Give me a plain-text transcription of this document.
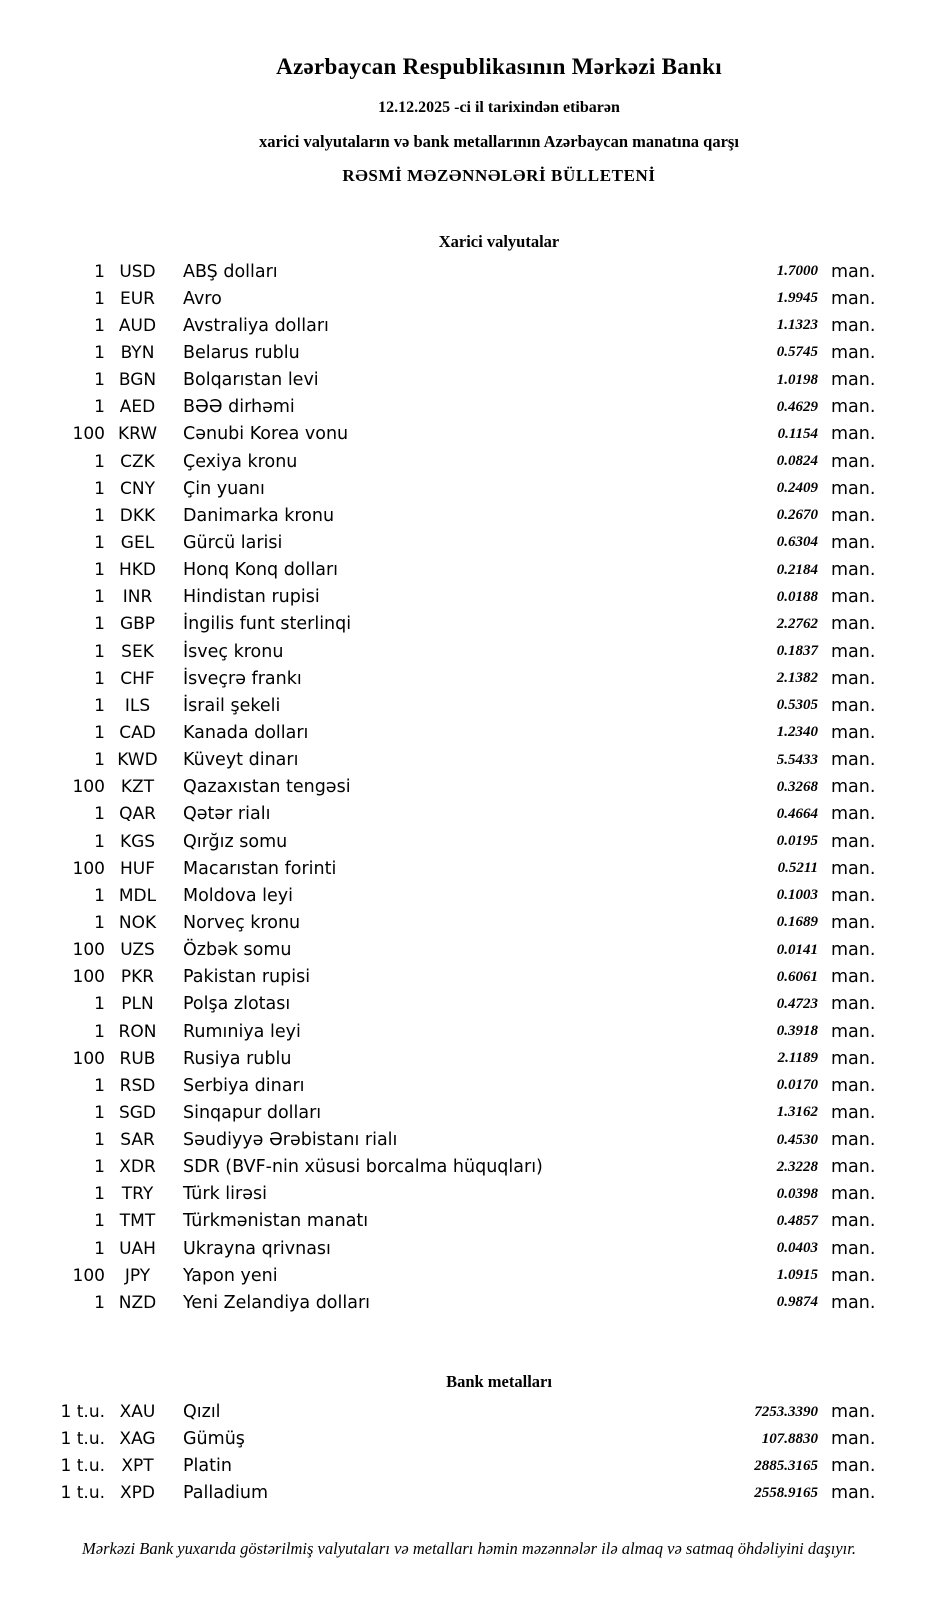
Azərbaycan Respublikasının Mərkəzi Bankı
12.12.2025 -ci il tarixindən etibarən
xarici valyutaların və bank metallarının Azərbaycan manatına qarşı
RƏSMİ MƏZƏNNƏLƏRİ BÜLLETENİ
Xarici valyutalar
1 USD	ABŞ dolları	1.7000 man.
1 EUR	Avro	1.9945 man.
1 AUD	Avstraliya dolları	1.1323 man.
1 BYN	Belarus rublu	0.5745 man.
1 BGN	Bolqarıstan levi	1.0198 man.
1 AED	BƏƏ dirhəmi	0.4629 man.
100 KRW	Cənubi Korea vonu	0.1154 man.
1 CZK	Çexiya kronu	0.0824 man.
1 CNY	Çin yuanı	0.2409 man.
1 DKK	Danimarka kronu	0.2670 man.
1 GEL	Gürcü larisi	0.6304 man.
1 HKD	Honq Konq dolları	0.2184 man.
1	INR	Hindistan rupisi	0.0188 man.
1 GBP	İngilis funt sterlinqi	2.2762 man.
1 SEK	İsveç kronu	0.1837 man.
1 CHF	İsveçrə frankı	2.1382 man.
1	ILS	İsrail şekeli	0.5305 man.
1 CAD	Kanada dolları	1.2340 man.
1 KWD	Küveyt dinarı	5.5433 man.
100 KZT	Qazaxıstan tengəsi	0.3268 man.
1 QAR	Qətər rialı	0.4664 man.
1 KGS	Qırğız somu	0.0195 man.
100 HUF	Macarıstan forinti	0.5211 man.
1 MDL	Moldova leyi	0.1003 man.
1 NOK	Norveç kronu	0.1689 man.
100 UZS	Özbək somu	0.0141 man.
100 PKR	Pakistan rupisi	0.6061 man.
1 PLN	Polşa zlotası	0.4723 man.
1 RON	Rumıniya leyi	0.3918 man.
100 RUB	Rusiya rublu	2.1189 man.
1 RSD	Serbiya dinarı	0.0170 man.
1 SGD	Sinqapur dolları	1.3162 man.
1 SAR	Səudiyyə Ərəbistanı rialı	0.4530 man.
1 XDR	SDR (BVF-nin xüsusi borcalma hüquqları)	2.3228 man.
1 TRY	Türk lirəsi	0.0398 man.
1 TMT	Türkmənistan manatı	0.4857 man.
1 UAH	Ukrayna qrivnası	0.0403 man.
100	JPY	Yapon yeni	1.0915 man.
1 NZD	Yeni Zelandiya dolları	0.9874 man.
Bank metalları
1 t.u. XAU	Qızıl	7253.3390 man.
1 t.u. XAG	Gümüş	107.8830 man.
1 t.u. XPT	Platin	2885.3165 man.
1 t.u. XPD	Palladium	2558.9165 man.
Mərkəzi Bank yuxarıda göstərilmiş valyutaları və metalları həmin məzənnələr ilə almaq və satmaq öhdəliyini daşıyır.
